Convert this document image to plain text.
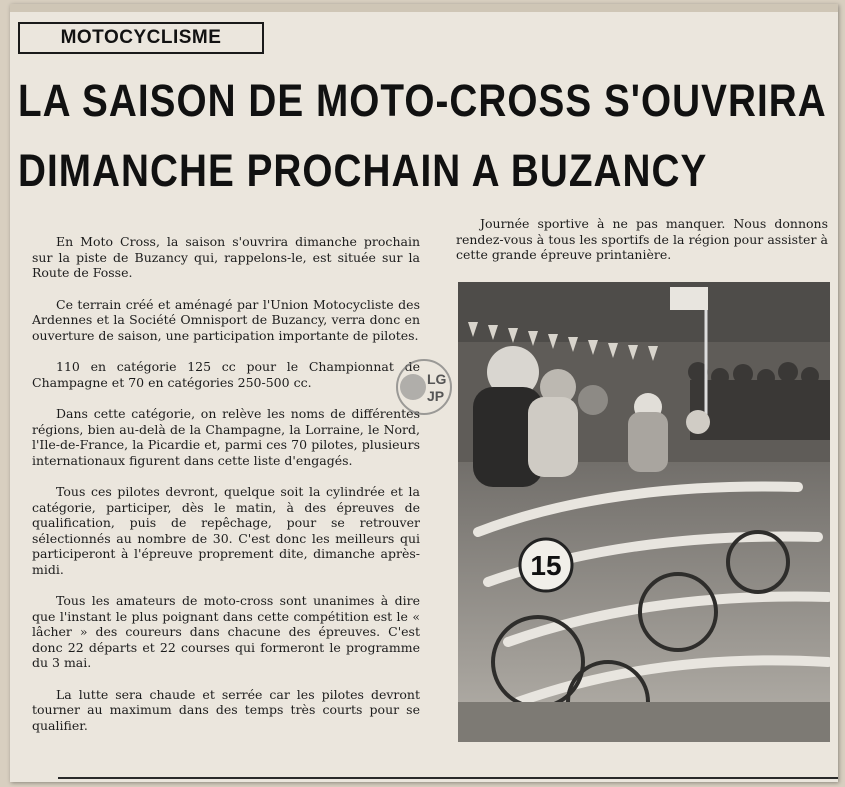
MOTOCYCLISME
LA SAISON DE MOTO-CROSS S'OUVRIRA
DIMANCHE PROCHAIN A BUZANCY

En Moto Cross, la saison s'ouvrira dimanche prochain sur la piste de Buzancy qui, rappelons-le, est située sur la Route de Fosse.

Ce terrain créé et aménagé par l'Union Motocycliste des Ardennes et la Société Omnisport de Buzancy, verra donc en ouverture de saison, une participation importante de pilotes.

110 en catégorie 125 cc pour le Championnat de Champagne et 70 en catégories 250-500 cc.

Dans cette catégorie, on relève les noms de différentes régions, bien au-delà de la Champagne, la Lorraine, le Nord, l'Ile-de-France, la Picardie et, parmi ces 70 pilotes, plusieurs internationaux figurent dans cette liste d'engagés.

Tous ces pilotes devront, quelque soit la cylindrée et la catégorie, participer, dès le matin, à des épreuves de qualification, puis de repêchage, pour se retrouver sélectionnés au nombre de 30. C'est donc les meilleurs qui participeront à l'épreuve proprement dite, dimanche après-midi.

Tous les amateurs de moto-cross sont unanimes à dire que l'instant le plus poignant dans cette compétition est le « lâcher » des coureurs dans chacune des épreuves. C'est donc 22 départs et 22 courses qui formeront le programme du 3 mai.

La lutte sera chaude et serrée car les pilotes devront tourner au maximum dans des temps très courts pour se qualifier.

Journée sportive à ne pas manquer. Nous donnons rendez-vous à tous les sportifs de la région pour assister à cette grande épreuve printanière.

15
LG
JP
